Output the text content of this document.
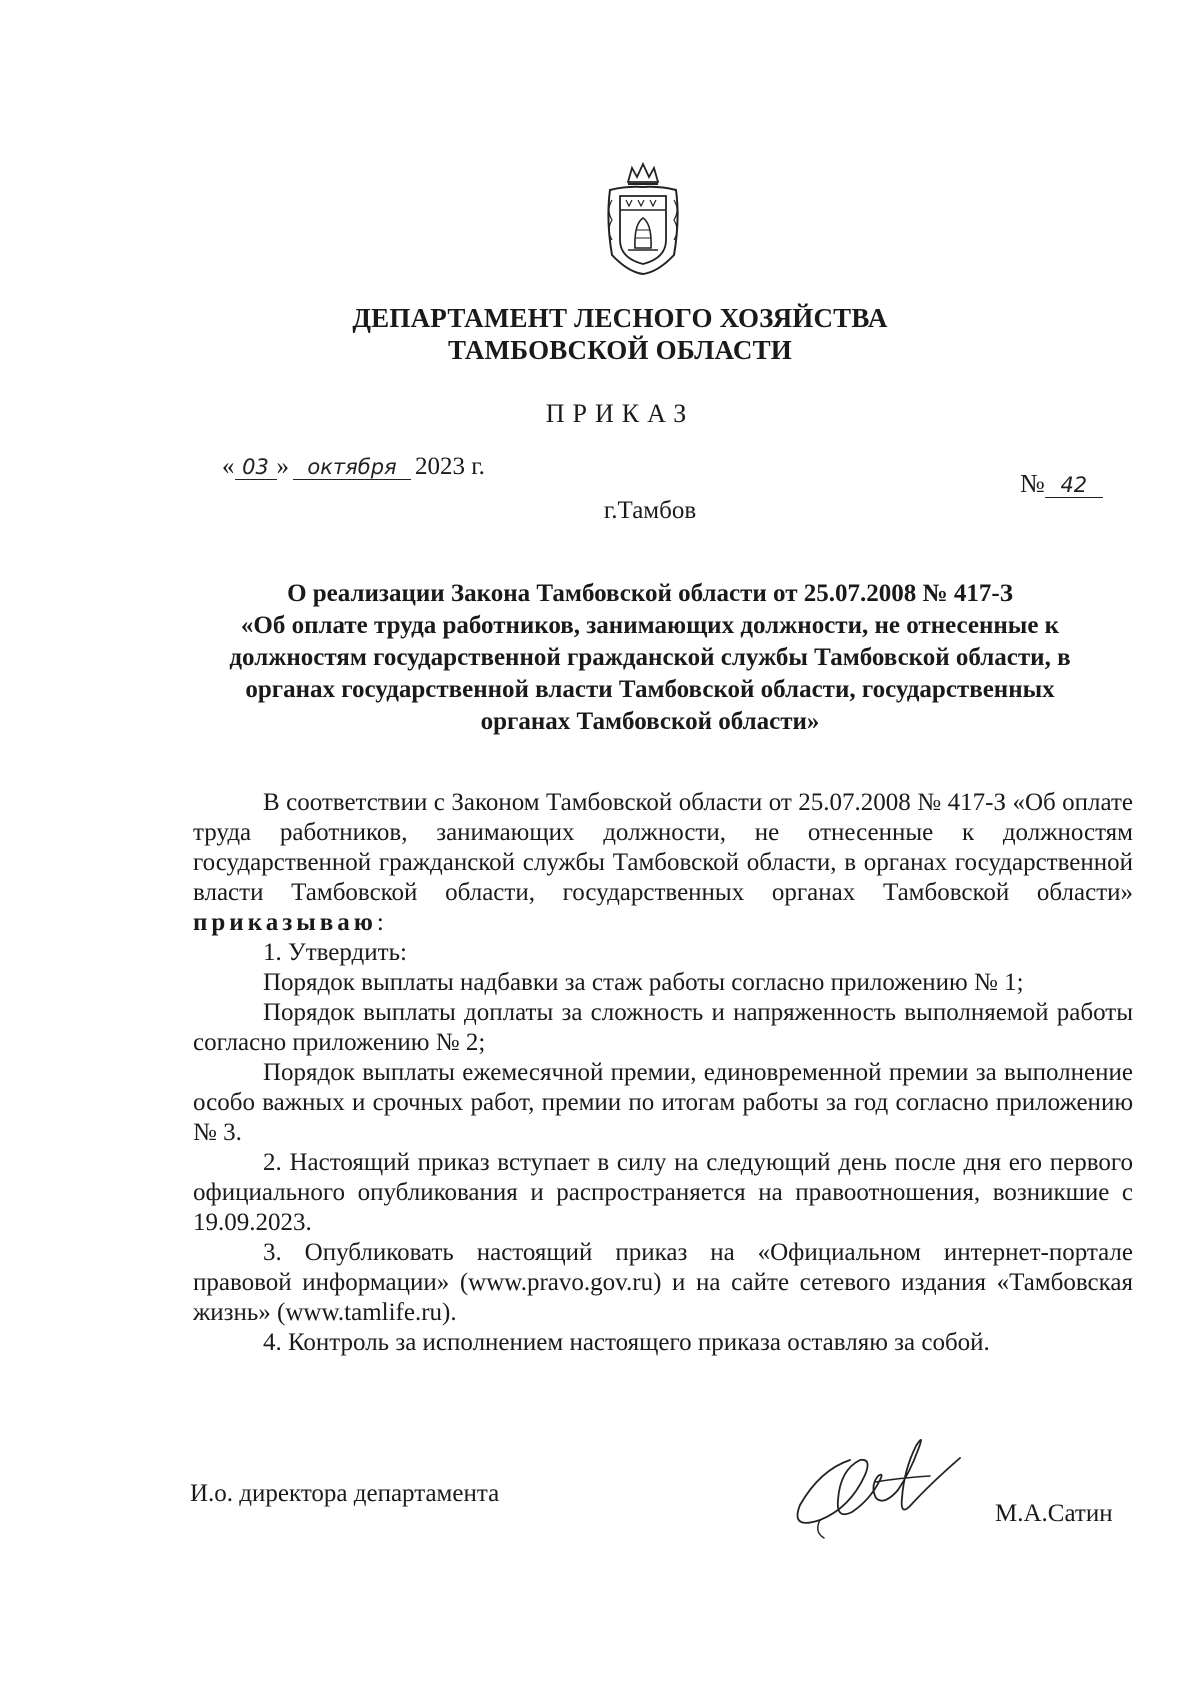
ДЕПАРТАМЕНТ ЛЕСНОГО ХОЗЯЙСТВА
ТАМБОВСКОЙ ОБЛАСТИ
ПРИКАЗ
« 03 » октября 2023 г.
№ 42
г.Тамбов
О реализации Закона Тамбовской области от 25.07.2008 № 417-З
«Об оплате труда работников, занимающих должности, не отнесенные к
должностям государственной гражданской службы Тамбовской области, в
органах государственной власти Тамбовской области, государственных
органах Тамбовской области»

В соответствии с Законом Тамбовской области от 25.07.2008 № 417-З «Об оплате труда работников, занимающих должности, не отнесенные к должностям государственной гражданской службы Тамбовской области, в органах государственной власти Тамбовской области, государственных органах Тамбовской области» приказываю:

1. Утвердить:

Порядок выплаты надбавки за стаж работы согласно приложению № 1;

Порядок выплаты доплаты за сложность и напряженность выполняемой работы согласно приложению № 2;

Порядок выплаты ежемесячной премии, единовременной премии за выполнение особо важных и срочных работ, премии по итогам работы за год согласно приложению № 3.

2. Настоящий приказ вступает в силу на следующий день после дня его первого официального опубликования и распространяется на правоотношения, возникшие с 19.09.2023.

3. Опубликовать настоящий приказ на «Официальном интернет-портале правовой информации» (www.pravo.gov.ru) и на сайте сетевого издания «Тамбовская жизнь» (www.tamlife.ru).

4. Контроль за исполнением настоящего приказа оставляю за собой.

И.о. директора департамента
М.А.Сатин
